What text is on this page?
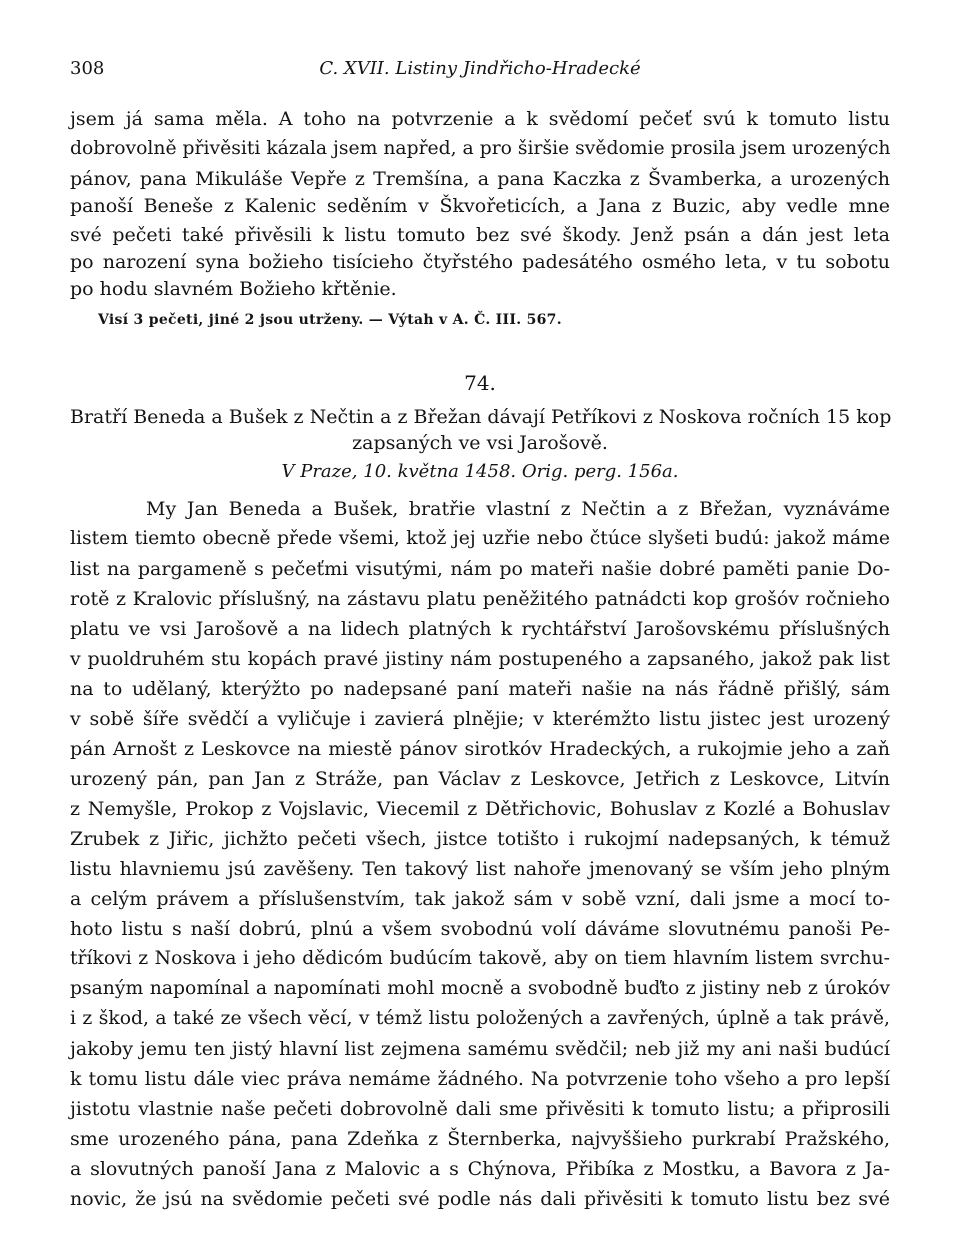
308	C. XVII. Listiny Jindřicho-Hradecké
jsem já sama měla. A toho na potvrzenie a k svědomí pečeť svú k tomuto listu
dobrovolně přivěsiti kázala jsem napřed, a pro širšie svědomie prosila jsem urozených
pánov, pana Mikuláše Vepře z Tremšína, a pana Kaczka z Švamberka, a urozených
panoší Beneše z Kalenic seděním v Škvořeticích, a Jana z Buzic, aby vedle mne
své pečeti také přivěsili k listu tomuto bez své škody. Jenž psán a dán jest leta
po narození syna božieho tisícieho čtyřstého padesátého osmého leta, v tu sobotu
po hodu slavném Božieho křtěnie.
Visí 3 pečeti, jiné 2 jsou utrženy. — Výtah v A. Č. III. 567.
74.
Bratří Beneda a Bušek z Nečtin a z Břežan dávají Petříkovi z Noskova ročních 15 kop
zapsaných ve vsi Jarošově.
V Praze, 10. května 1458. Orig. perg. 156a.
My Jan Beneda a Bušek, bratřie vlastní z Nečtin a z Břežan, vyznáváme
listem tiemto obecně přede všemi, ktož jej uzřie nebo čtúce slyšeti budú: jakož máme
list na pargameně s pečeťmi visutými, nám po mateři našie dobré paměti panie Do-
rotě z Kralovic příslušný, na zástavu platu peněžitého patnádcti kop grošóv ročnieho
platu ve vsi Jarošově a na lidech platných k rychtářství Jarošovskému příslušných
v puoldruhém stu kopách pravé jistiny nám postupeného a zapsaného, jakož pak list
na to udělaný, kterýžto po nadepsané paní mateři našie na nás řádně přišlý, sám
v sobě šíře svědčí a vyličuje i zavierá plnějie; v kterémžto listu jistec jest urozený
pán Arnošt z Leskovce na miestě pánov sirotkóv Hradeckých, a rukojmie jeho a zaň
urozený pán, pan Jan z Stráže, pan Václav z Leskovce, Jetřich z Leskovce, Litvín
z Nemyšle, Prokop z Vojslavic, Viecemil z Dětřichovic, Bohuslav z Kozlé a Bohuslav
Zrubek z Jiřic, jichžto pečeti všech, jistce totišto i rukojmí nadepsaných, k témuž
listu hlavniemu jsú zavěšeny. Ten takový list nahoře jmenovaný se vším jeho plným
a celým právem a příslušenstvím, tak jakož sám v sobě vzní, dali jsme a mocí to-
hoto listu s naší dobrú, plnú a všem svobodnú volí dáváme slovutnému panoši Pe-
tříkovi z Noskova i jeho dědicóm budúcím takově, aby on tiem hlavním listem svrchu-
psaným napomínal a napomínati mohl mocně a svobodně buďto z jistiny neb z úrokóv
i z škod, a také ze všech věcí, v témž listu položených a zavřených, úplně a tak právě,
jakoby jemu ten jistý hlavní list zejmena samému svědčil; neb již my ani naši budúcí
k tomu listu dále viec práva nemáme žádného. Na potvrzenie toho všeho a pro lepší
jistotu vlastnie naše pečeti dobrovolně dali sme přivěsiti k tomuto listu; a připrosili
sme urozeného pána, pana Zdeňka z Šternberka, najvyššieho purkrabí Pražského,
a slovutných panoší Jana z Malovic a s Chýnova, Přibíka z Mostku, a Bavora z Ja-
novic, že jsú na svědomie pečeti své podle nás dali přivěsiti k tomuto listu bez své
